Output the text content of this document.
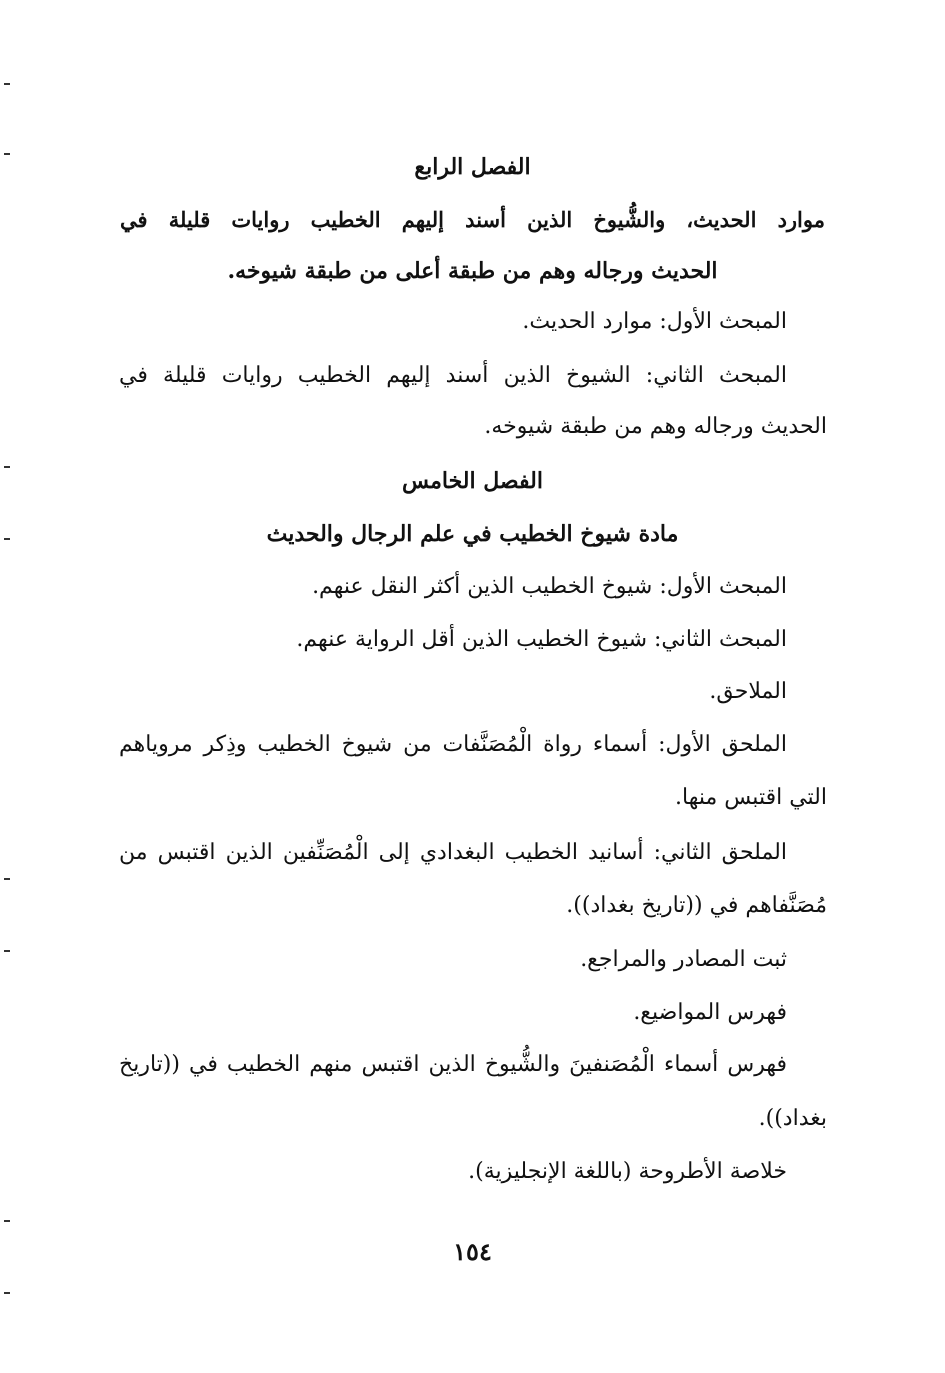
الفصل الرابع
موارد الحديث، والشُّيوخ الذين أسند إليهم الخطيب روايات قليلة في
الحديث ورجاله وهم من طبقة أعلى من طبقة شيوخه.
المبحث الأول: موارد الحديث.
المبحث الثاني: الشيوخ الذين أسند إليهم الخطيب روايات قليلة في
الحديث ورجاله وهم من طبقة شيوخه.
الفصل الخامس
مادة شيوخ الخطيب في علم الرجال والحديث
المبحث الأول: شيوخ الخطيب الذين أكثر النقل عنهم.
المبحث الثاني: شيوخ الخطيب الذين أقل الرواية عنهم.
الملاحق.
الملحق الأول: أسماء رواة الْمُصَنَّفات من شيوخ الخطيب وذِكر مروياهم
التي اقتبس منها.
الملحق الثاني: أسانيد الخطيب البغدادي إلى الْمُصَنِّفين الذين اقتبس من
مُصَنَّفاهم في ((تاريخ بغداد)).
ثبت المصادر والمراجع.
فهرس المواضيع.
فهرس أسماء الْمُصَنفينَ والشُّيوخ الذين اقتبس منهم الخطيب في ((تاريخ
بغداد)).
خلاصة الأطروحة (باللغة الإنجليزية).
١٥٤
